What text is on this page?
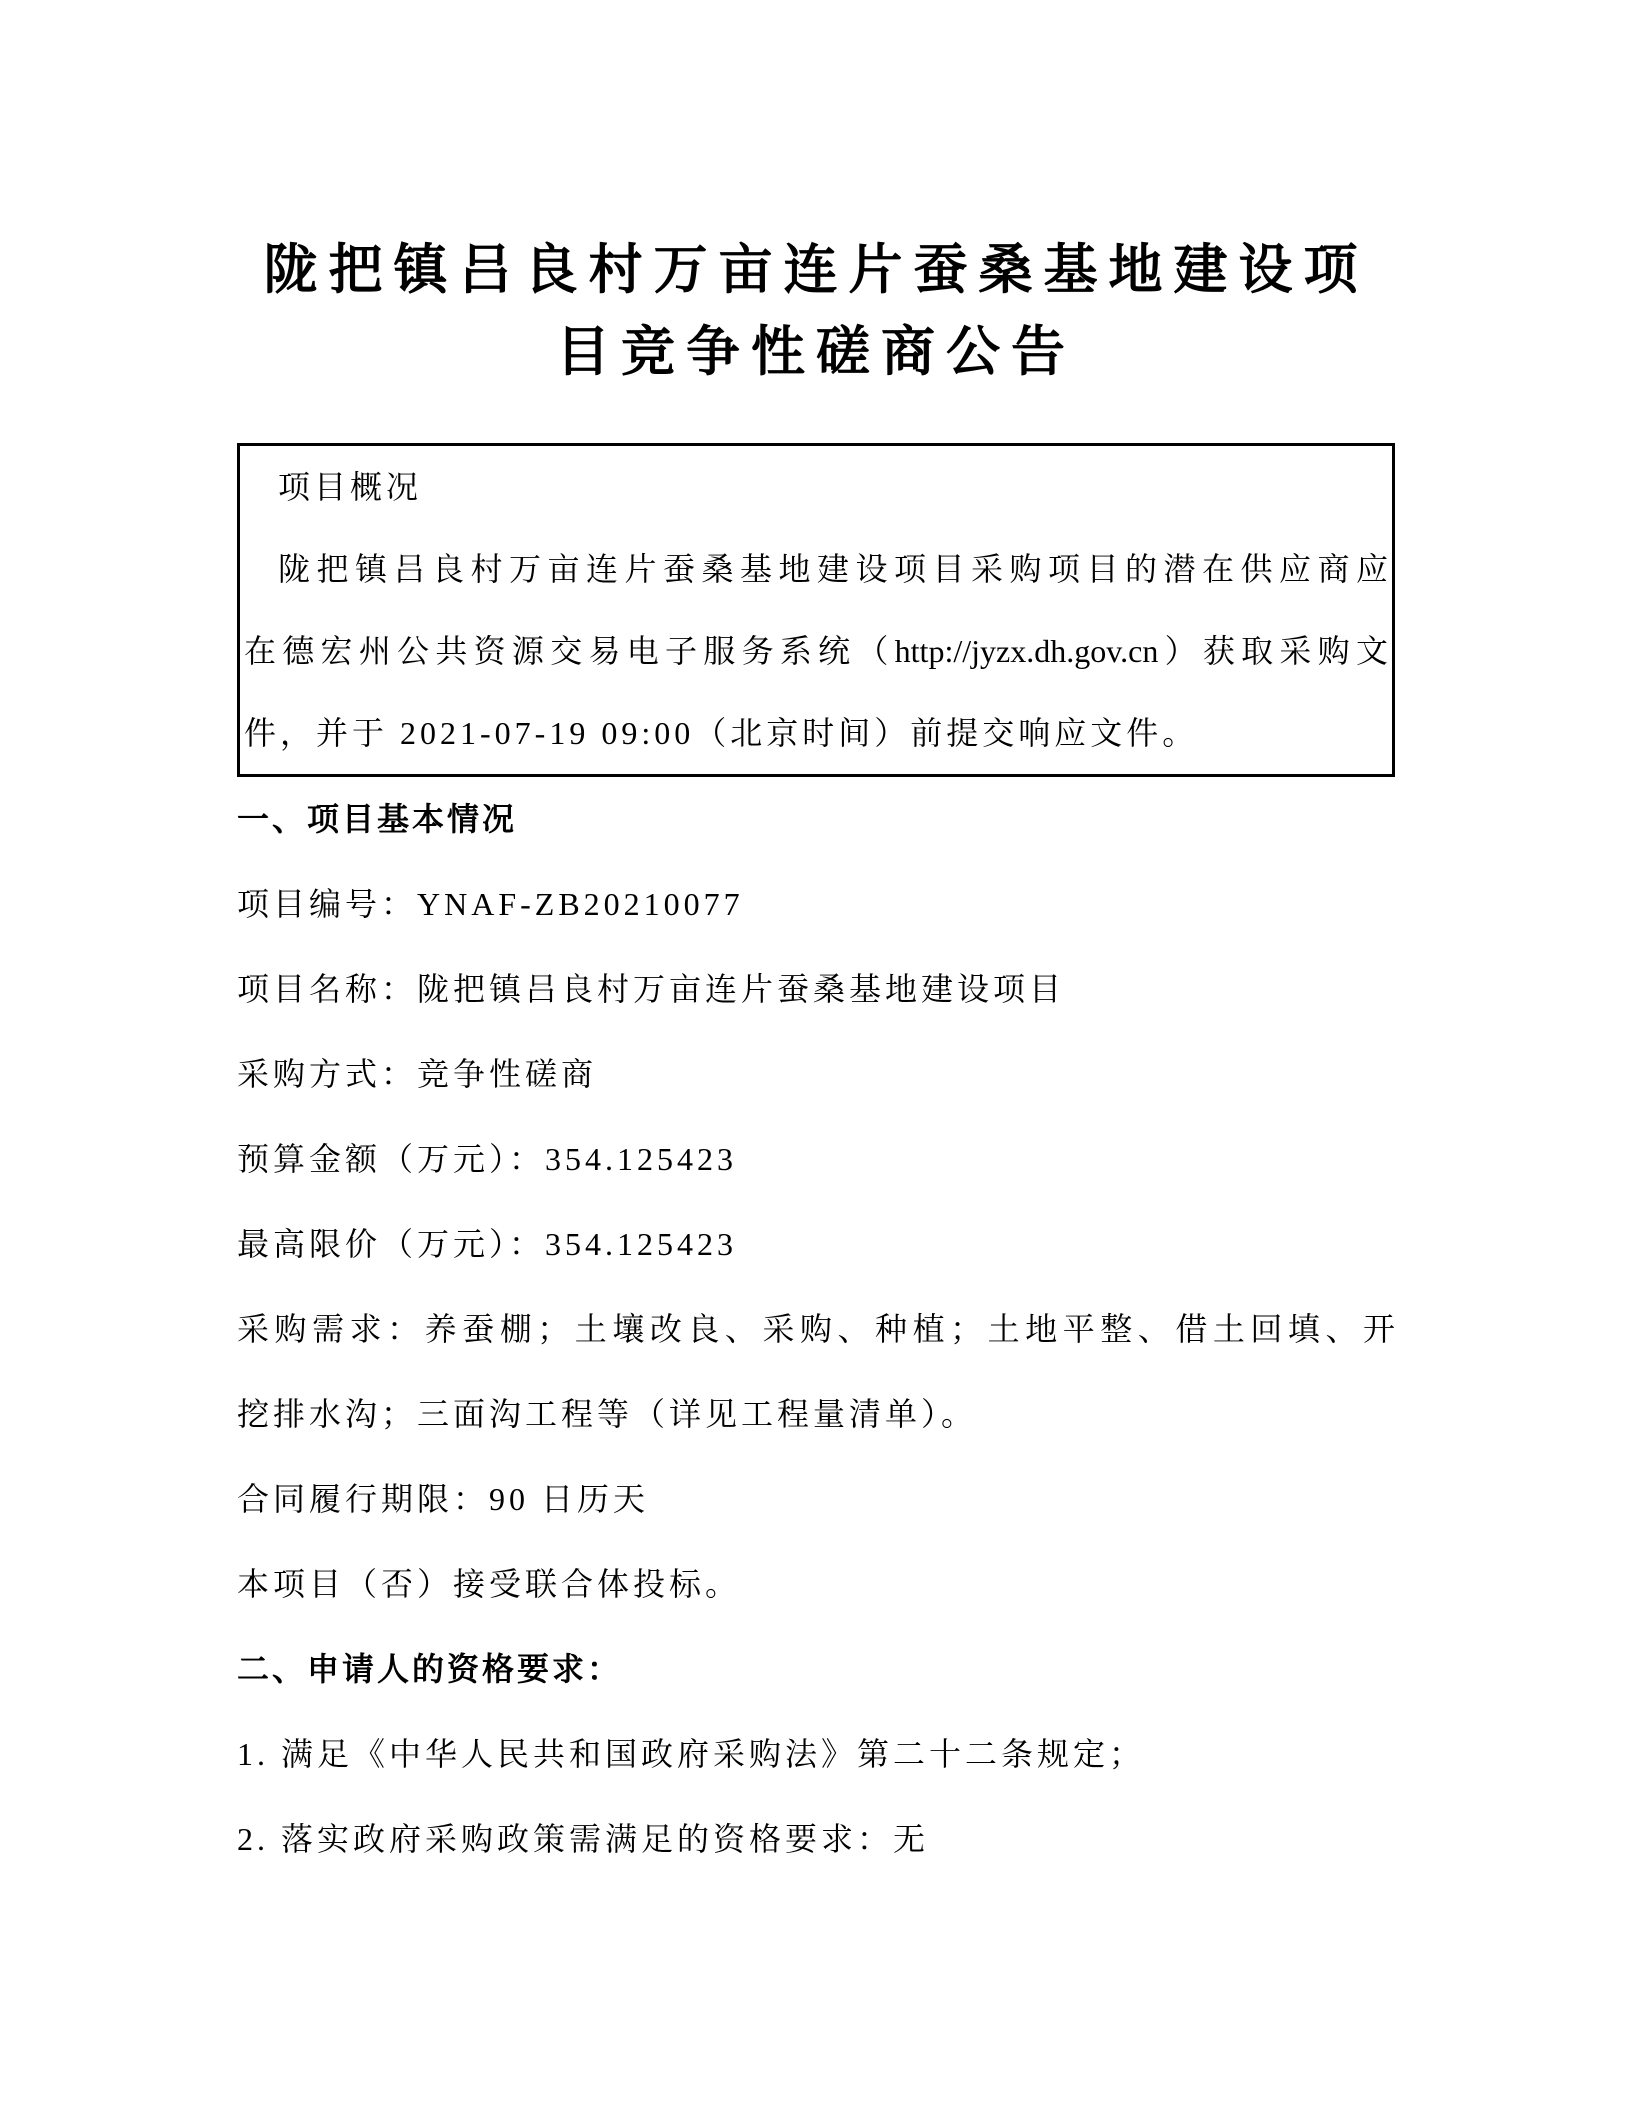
陇把镇吕良村万亩连片蚕桑基地建设项
目竞争性磋商公告
项目概况
陇把镇吕良村万亩连片蚕桑基地建设项目采购项目的潜在供应商应
在德宏州公共资源交易电子服务系统（http://jyzx.dh.gov.cn）获取采购文
件，并于 2021-07-19 09:00（北京时间）前提交响应文件。
一、项目基本情况
项目编号：YNAF-ZB20210077
项目名称：陇把镇吕良村万亩连片蚕桑基地建设项目
采购方式：竞争性磋商
预算金额（万元）：354.125423
最高限价（万元）：354.125423
采购需求：养蚕棚；土壤改良、采购、种植；土地平整、借土回填、开
挖排水沟；三面沟工程等（详见工程量清单）。
合同履行期限：90 日历天
本项目（否）接受联合体投标。
二、申请人的资格要求：
1. 满足《中华人民共和国政府采购法》第二十二条规定；
2. 落实政府采购政策需满足的资格要求：无
